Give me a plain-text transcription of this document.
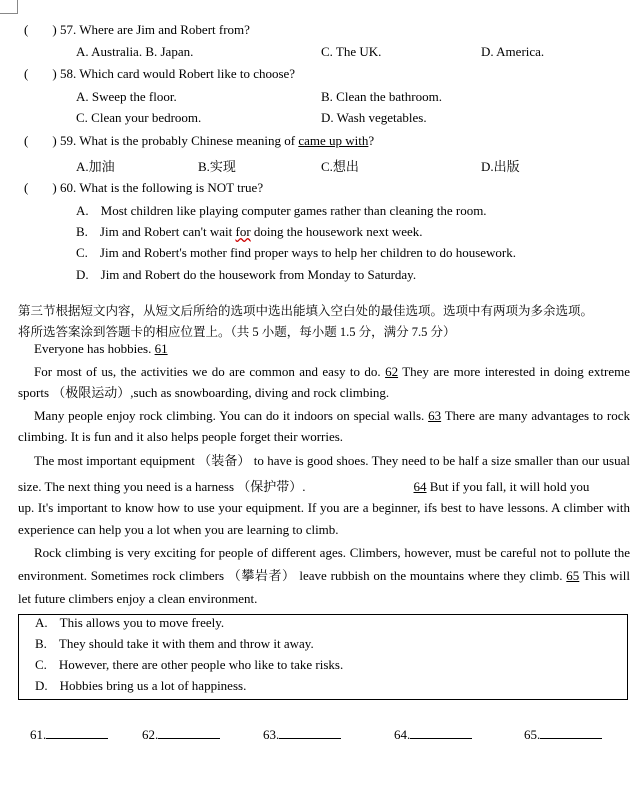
( ) 57. Where are Jim and Robert from?
A. Australia. B. Japan.	C. The UK.	D. America.
( ) 58. Which card would Robert like to choose?
A. Sweep the floor.	B. Clean the bathroom.
C. Clean your bedroom.	D. Wash vegetables.
( ) 59. What is the probably Chinese meaning of came up with?
A.加油	B.实现	C.想出	D.出版
( ) 60. What is the following is NOT true?
A. Most children like playing computer games rather than cleaning the room.
B. Jim and Robert can't wait for doing the housework next week.
C. Jim and Robert's mother find proper ways to help her children to do housework.
D. Jim and Robert do the housework from Monday to Saturday.
第三节根据短文内容，从短文后所给的选项中选出能填入空白处的最佳选项。选项中有两项为多余选项。
将所选答案涂到答题卡的相应位置上。（共 5 小题，每小题 1.5 分，满分 7.5 分）
Everyone has hobbies. 61
For most of us, the activities we do are common and easy to do. 62 They are more interested in doing extreme sports （极限运动）,such as snowboarding, diving and rock climbing.
Many people enjoy rock climbing. You can do it indoors on special walls. 63 There are many advantages to rock climbing. It is fun and it also helps people forget their worries.
The most important equipment （装备） to have is good shoes. They need to be half a size smaller than our usual size. The next thing you need is a harness （保护带）.	64 But if you fall, it will hold you
up. It's important to know how to use your equipment. If you are a beginner, ifs best to have lessons. A climber with experience can help you a lot when you are learning to climb.
Rock climbing is very exciting for people of different ages. Climbers, however, must be careful not to pollute the environment. Sometimes rock climbers （攀岩者） leave rubbish on the mountains where they climb. 65 This will let future climbers enjoy a clean environment.
A. This allows you to move freely.
B. They should take it with them and throw it away.
C. However, there are other people who like to take risks.
D. Hobbies bring us a lot of happiness.
61.	62.	63.	64.	65.
